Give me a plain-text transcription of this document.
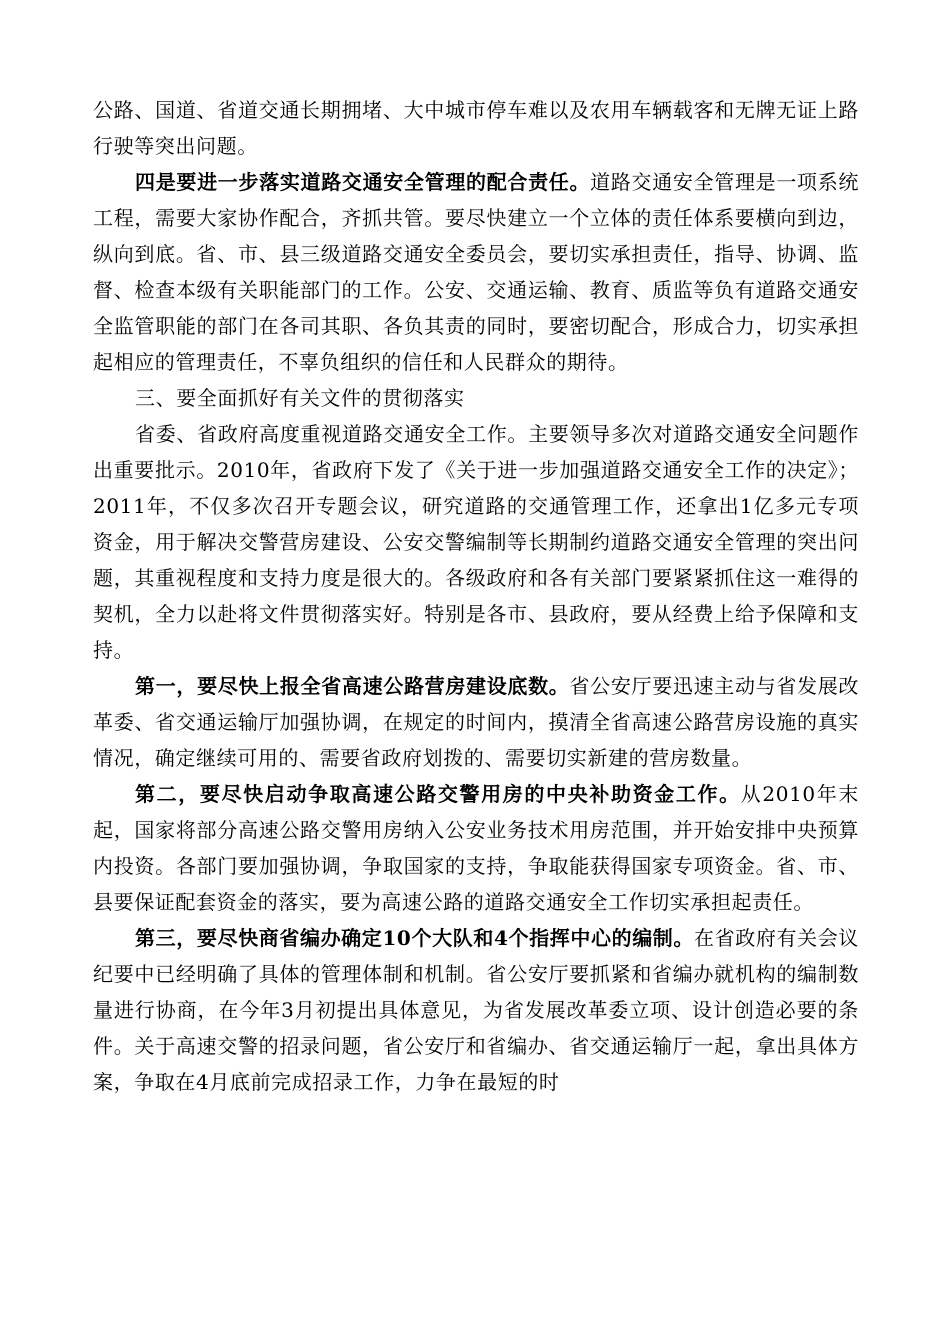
公路、国道、省道交通长期拥堵、大中城市停车难以及农用车辆载客和无牌无证上路行驶等突出问题。

四是要进一步落实道路交通安全管理的配合责任。道路交通安全管理是一项系统工程，需要大家协作配合，齐抓共管。要尽快建立一个立体的责任体系要横向到边，纵向到底。省、市、县三级道路交通安全委员会，要切实承担责任，指导、协调、监督、检查本级有关职能部门的工作。公安、交通运输、教育、质监等负有道路交通安全监管职能的部门在各司其职、各负其责的同时，要密切配合，形成合力，切实承担起相应的管理责任，不辜负组织的信任和人民群众的期待。

三、要全面抓好有关文件的贯彻落实

省委、省政府高度重视道路交通安全工作。主要领导多次对道路交通安全问题作出重要批示。2010年，省政府下发了《关于进一步加强道路交通安全工作的决定》；2011年，不仅多次召开专题会议，研究道路的交通管理工作，还拿出1亿多元专项资金，用于解决交警营房建设、公安交警编制等长期制约道路交通安全管理的突出问题，其重视程度和支持力度是很大的。各级政府和各有关部门要紧紧抓住这一难得的契机，全力以赴将文件贯彻落实好。特别是各市、县政府，要从经费上给予保障和支持。

第一，要尽快上报全省高速公路营房建设底数。省公安厅要迅速主动与省发展改革委、省交通运输厅加强协调，在规定的时间内，摸清全省高速公路营房设施的真实情况，确定继续可用的、需要省政府划拨的、需要切实新建的营房数量。

第二，要尽快启动争取高速公路交警用房的中央补助资金工作。从2010年末起，国家将部分高速公路交警用房纳入公安业务技术用房范围，并开始安排中央预算内投资。各部门要加强协调，争取国家的支持，争取能获得国家专项资金。省、市、县要保证配套资金的落实，要为高速公路的道路交通安全工作切实承担起责任。

第三，要尽快商省编办确定10个大队和4个指挥中心的编制。在省政府有关会议纪要中已经明确了具体的管理体制和机制。省公安厅要抓紧和省编办就机构的编制数量进行协商，在今年3月初提出具体意见，为省发展改革委立项、设计创造必要的条件。关于高速交警的招录问题，省公安厅和省编办、省交通运输厅一起，拿出具体方案，争取在4月底前完成招录工作，力争在最短的时
